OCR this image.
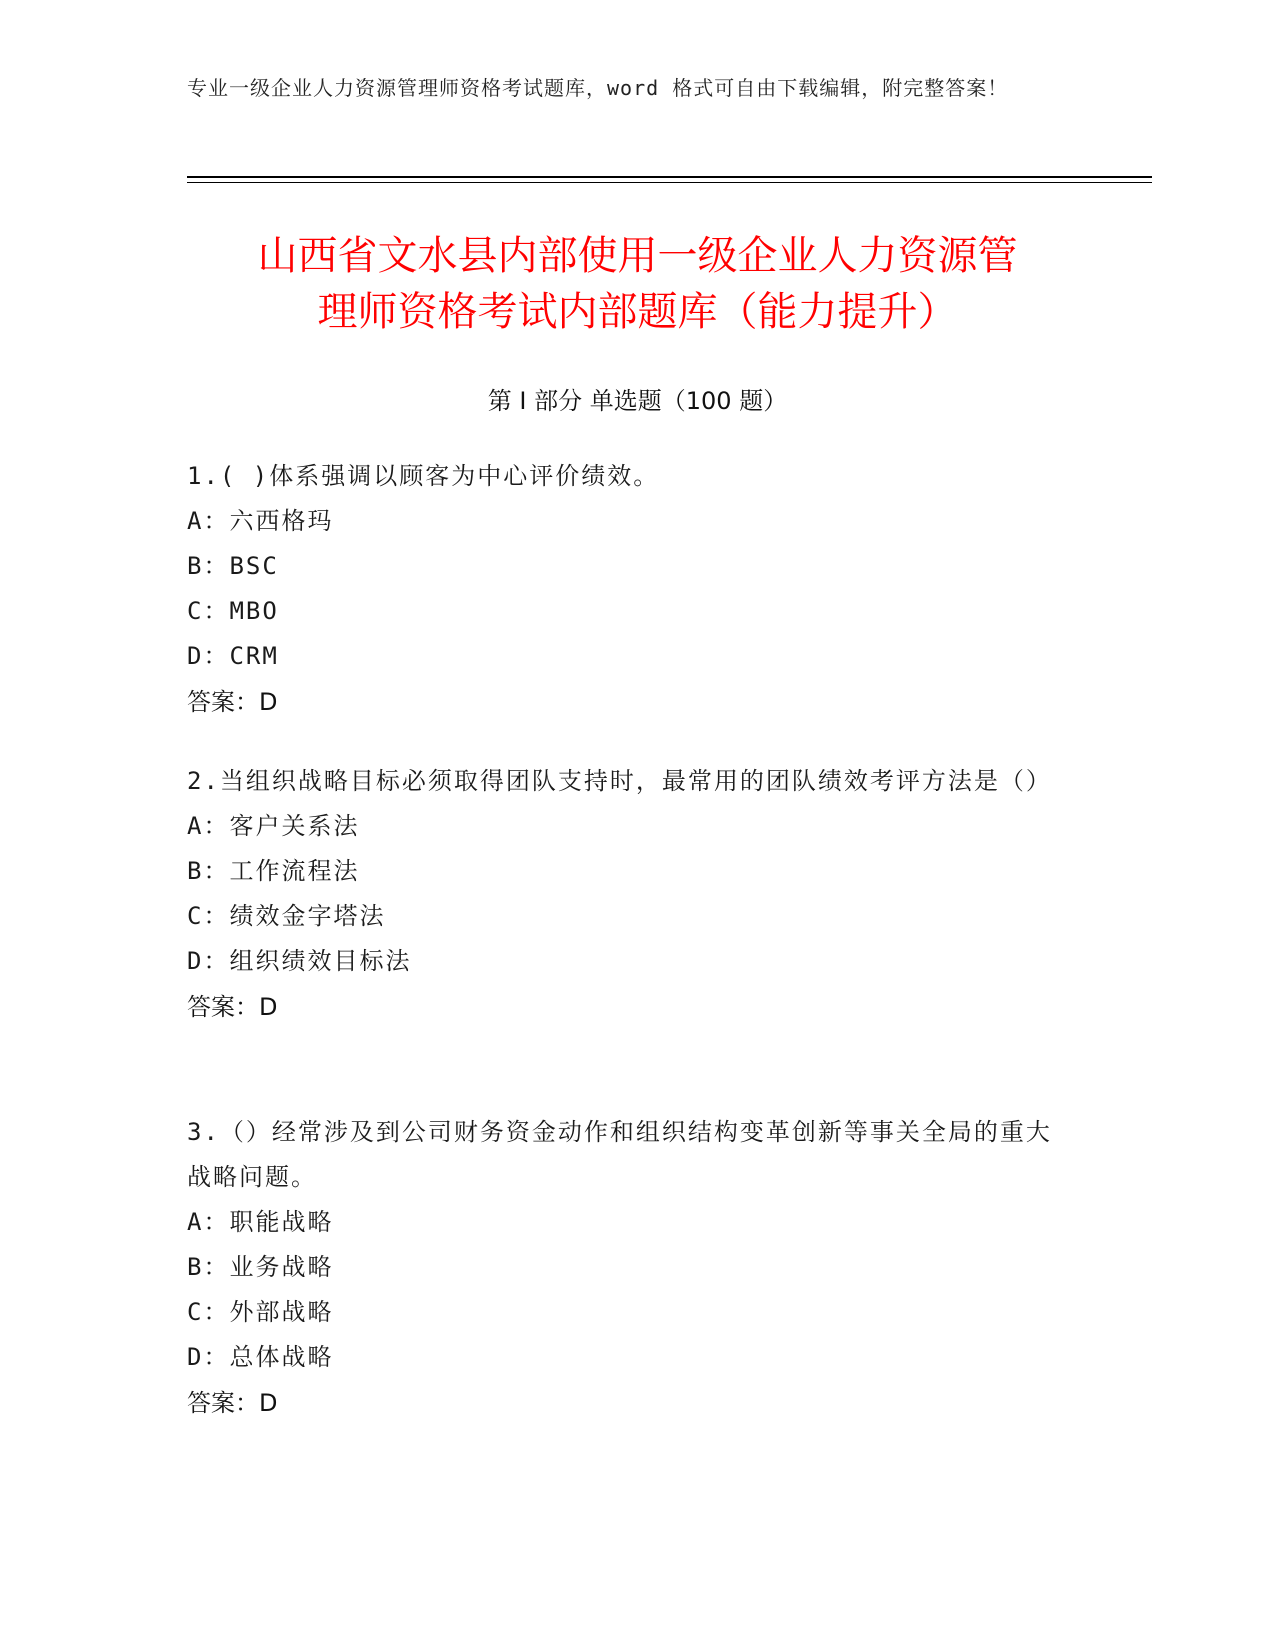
专业一级企业人力资源管理师资格考试题库，word 格式可自由下载编辑，附完整答案！
山西省文水县内部使用一级企业人力资源管
理师资格考试内部题库（能力提升）
第 I 部分 单选题（100 题）
1.( )体系强调以顾客为中心评价绩效。
A：六西格玛
B：BSC
C：MBO
D：CRM
答案：D
2.当组织战略目标必须取得团队支持时，最常用的团队绩效考评方法是（）
A：客户关系法
B：工作流程法
C：绩效金字塔法
D：组织绩效目标法
答案：D
3.（）经常涉及到公司财务资金动作和组织结构变革创新等事关全局的重大战略问题。
A：职能战略
B：业务战略
C：外部战略
D：总体战略
答案：D
